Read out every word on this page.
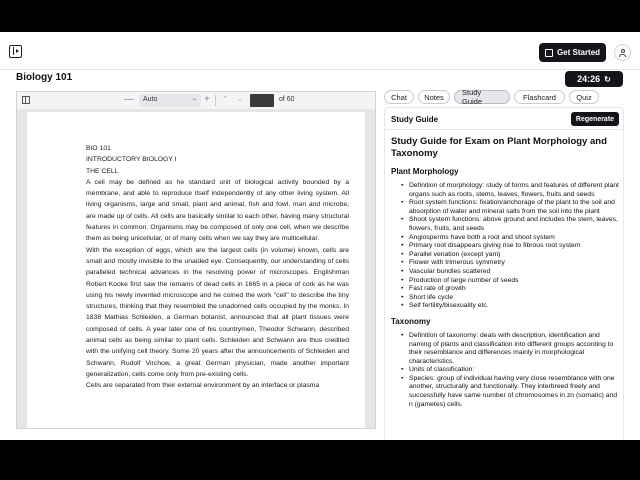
Get Started
Biology 101	24:26 ↻
—	Auto	⌄ + ⌃ ⌄	of 60

BIO 101

INTRODUCTORY BIOLOGY I

THE CELL

A cell may be defined as he standard unit of biological activity bounded by a membrane, and able to reproduce itself independently of any other living system. All living organisms, large and small, plant and animal, fish and fowl, man and microbe, are made up of cells. All cells are basically similar to each other, having many structural features in common. Organisms may be composed of only one cell, when we describe them as being unicellular, or of many cells when we say they are multicellular.

With the exception of eggs, which are the largest cells (in volume) known, cells are small and mostly invisible to the unaided eye. Consequently, our understanding of cells paralleled technical advances in the resolving power of microscopes. Englishman Robert Kooke first saw the remains of dead cells in 1665 in a piece of cork as he was using his newly invented microscope and he coined the work "cell" to describe the tiny structures, thinking that they resembled the unadorned cells occupied by the monks. In 1838 Mathias Schleiden, a German botanist, announced that all plant tissues were composed of cells. A year later one of his countrymen, Theodor Schwann, described animal cells as being similar to plant cells. Schleiden and Schwann are thus credited with the unifying cell theory. Some 20 years after the announcements of Schleiden and Schwann, Rudolf Virchow, a great German physician, made another important generalization, cells come only from pre-existing cells.

Cells are separated from their external environment by an interface or plasma

Chat	Notes	Study Guide	Flashcard	Quiz
Study Guide	Regenerate
Study Guide for Exam on Plant Morphology and Taxonomy
Plant Morphology
• Definition of morphology: study of forms and features of different plant organs such as roots, stems, leaves, flowers, fruits and seeds
• Root system functions: fixation/anchorage of the plant to the soil and absorption of water and mineral salts from the soil into the plant
• Shoot system functions: above ground and includes the stem, leaves, flowers, fruits, and seeds
• Angiosperms have both a root and shoot system
• Primary root disappears giving rise to fibrous root system
• Parallel venation (except yam)
• Flower with trimerous symmetry
• Vascular bundles scattered
• Production of large number of seeds
• Fast rate of growth
• Short life cycle
• Self fertility/bisexuality etc.
Taxonomy
• Definition of taxonomy: deals with description, identification and naming of plants and classification into different groups according to their resemblance and differences mainly in morphological characteristics.
• Units of classification:
• Species: group of individual having very close resemblance with one another, structurally and functionally. They interbreed freely and successfully have same number of chromosomes in zn (somatic) and n (gametes) cells.
